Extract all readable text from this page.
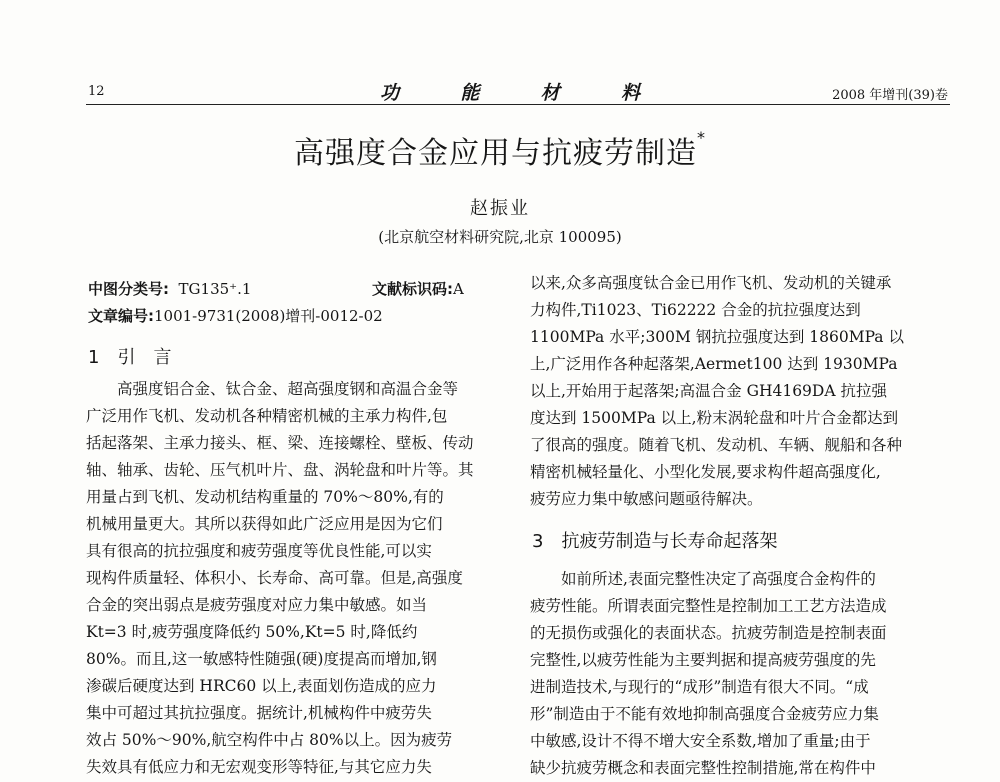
12	功	能	材	料	2008 年增刊(39)卷
高强度合金应用与抗疲劳制造*
赵振业
(北京航空材料研究院,北京 100095)
中图分类号: TG135⁺.1	文献标识码:A
文章编号:1001-9731(2008)增刊-0012-02
1　引　言

　　高强度铝合金、钛合金、超高强度钢和高温合金等

广泛用作飞机、发动机各种精密机械的主承力构件,包

括起落架、主承力接头、框、梁、连接螺栓、壁板、传动

轴、轴承、齿轮、压气机叶片、盘、涡轮盘和叶片等。其

用量占到飞机、发动机结构重量的 70%～80%,有的

机械用量更大。其所以获得如此广泛应用是因为它们

具有很高的抗拉强度和疲劳强度等优良性能,可以实

现构件质量轻、体积小、长寿命、高可靠。但是,高强度

合金的突出弱点是疲劳强度对应力集中敏感。如当

Kt=3 时,疲劳强度降低约 50%,Kt=5 时,降低约

80%。而且,这一敏感特性随强(硬)度提高而增加,钢

渗碳后硬度达到 HRC60 以上,表面划伤造成的应力

集中可超过其抗拉强度。据统计,机械构件中疲劳失

效占 50%～90%,航空构件中占 80%以上。因为疲劳

失效具有低应力和无宏观变形等特征,与其它应力失

以来,众多高强度钛合金已用作飞机、发动机的关键承

力构件,Ti1023、Ti62222 合金的抗拉强度达到

1100MPa 水平;300M 钢抗拉强度达到 1860MPa 以

上,广泛用作各种起落架,Aermet100 达到 1930MPa

以上,开始用于起落架;高温合金 GH4169DA 抗拉强

度达到 1500MPa 以上,粉末涡轮盘和叶片合金都达到

了很高的强度。随着飞机、发动机、车辆、舰船和各种

精密机械轻量化、小型化发展,要求构件超高强度化,

疲劳应力集中敏感问题亟待解决。

3　抗疲劳制造与长寿命起落架

　　如前所述,表面完整性决定了高强度合金构件的

疲劳性能。所谓表面完整性是控制加工工艺方法造成

的无损伤或强化的表面状态。抗疲劳制造是控制表面

完整性,以疲劳性能为主要判据和提高疲劳强度的先

进制造技术,与现行的“成形”制造有很大不同。“成

形”制造由于不能有效地抑制高强度合金疲劳应力集

中敏感,设计不得不增大安全系数,增加了重量;由于

缺少抗疲劳概念和表面完整性控制措施,常在构件中
